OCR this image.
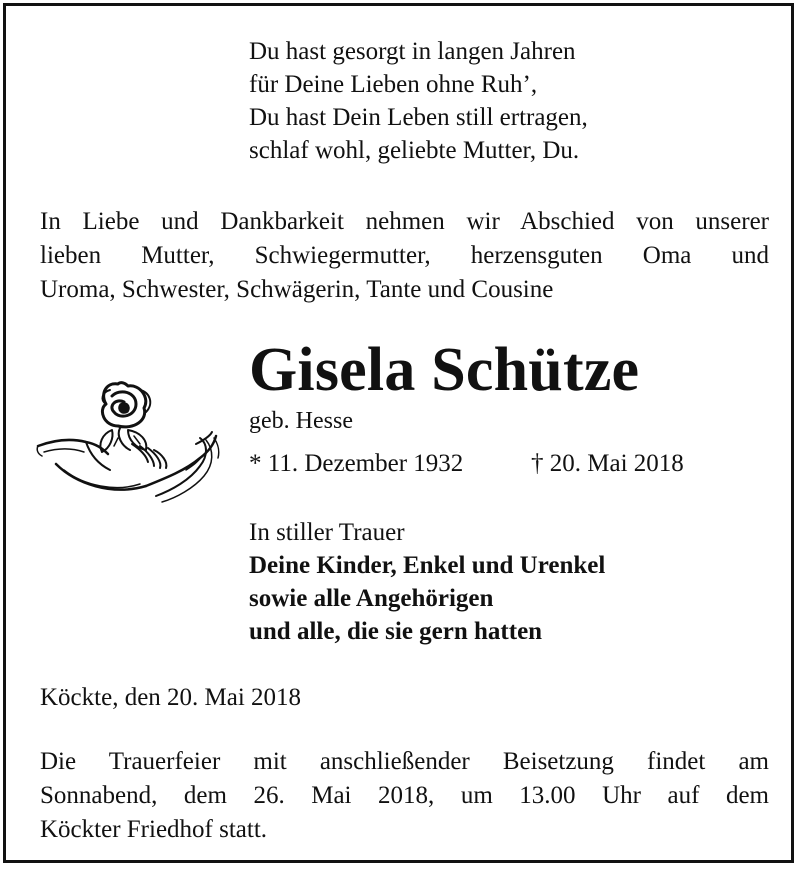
Du hast gesorgt in langen Jahren
für Deine Lieben ohne Ruh’,
Du hast Dein Leben still ertragen,
schlaf wohl, geliebte Mutter, Du.
In Liebe und Dankbarkeit nehmen wir Abschied von unserer
lieben Mutter, Schwiegermutter, herzensguten Oma und
Uroma, Schwester, Schwägerin, Tante und Cousine
Gisela Schütze
geb. Hesse
* 11. Dezember 1932	† 20. Mai 2018
In stiller Trauer
Deine Kinder, Enkel und Urenkel
sowie alle Angehörigen
und alle, die sie gern hatten
Köckte, den 20. Mai 2018
Die Trauerfeier mit anschließender Beisetzung findet am
Sonnabend, dem 26. Mai 2018, um 13.00 Uhr auf dem
Köckter Friedhof statt.
